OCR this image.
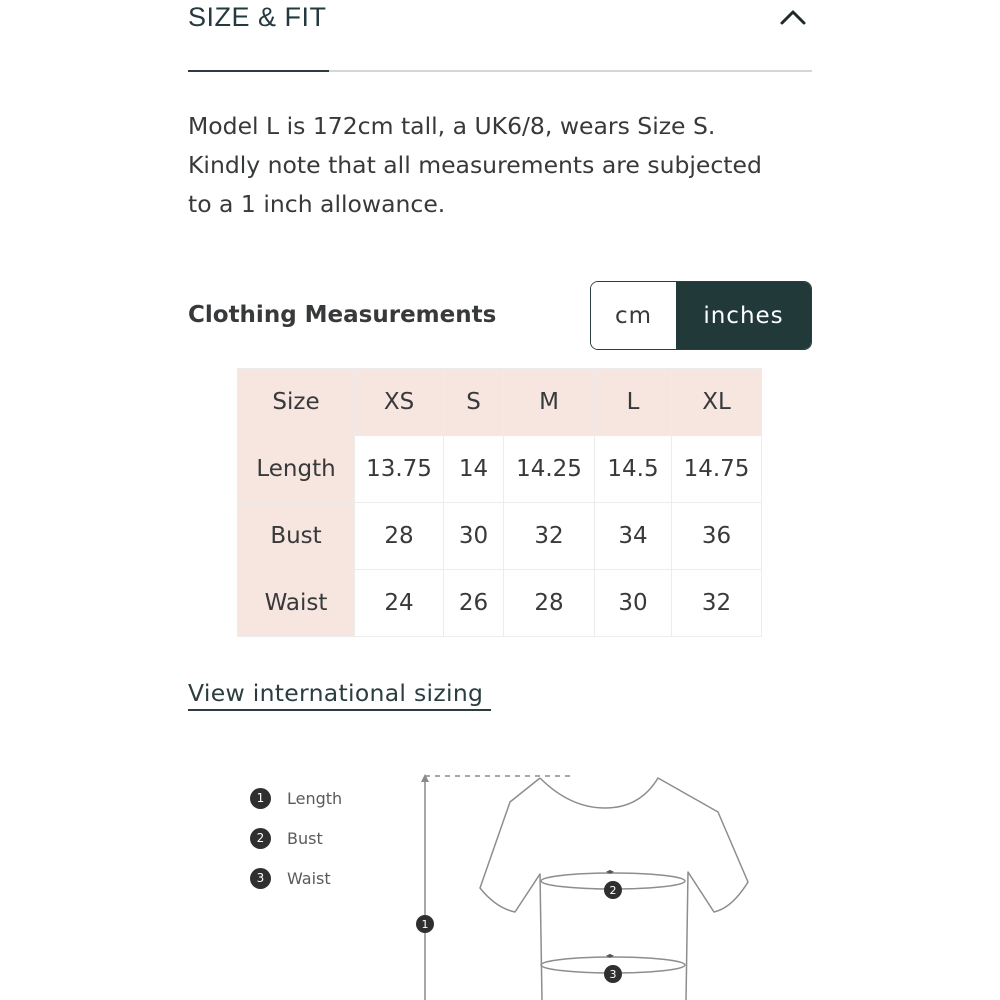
SIZE & FIT

Model L is 172cm tall, a UK6/8, wears Size S.

Kindly note that all measurements are subjected

to a 1 inch allowance.

Clothing Measurements	cm	inches
Size	XS	S	M	L	XL
Length	13.75	14	14.25	14.5	14.75
Bust	28	30	32	34	36
Waist	24	26	28	30	32
View international sizing
1	Length
2	Bust
3	Waist	◂▸
◂▸
1
2
3
